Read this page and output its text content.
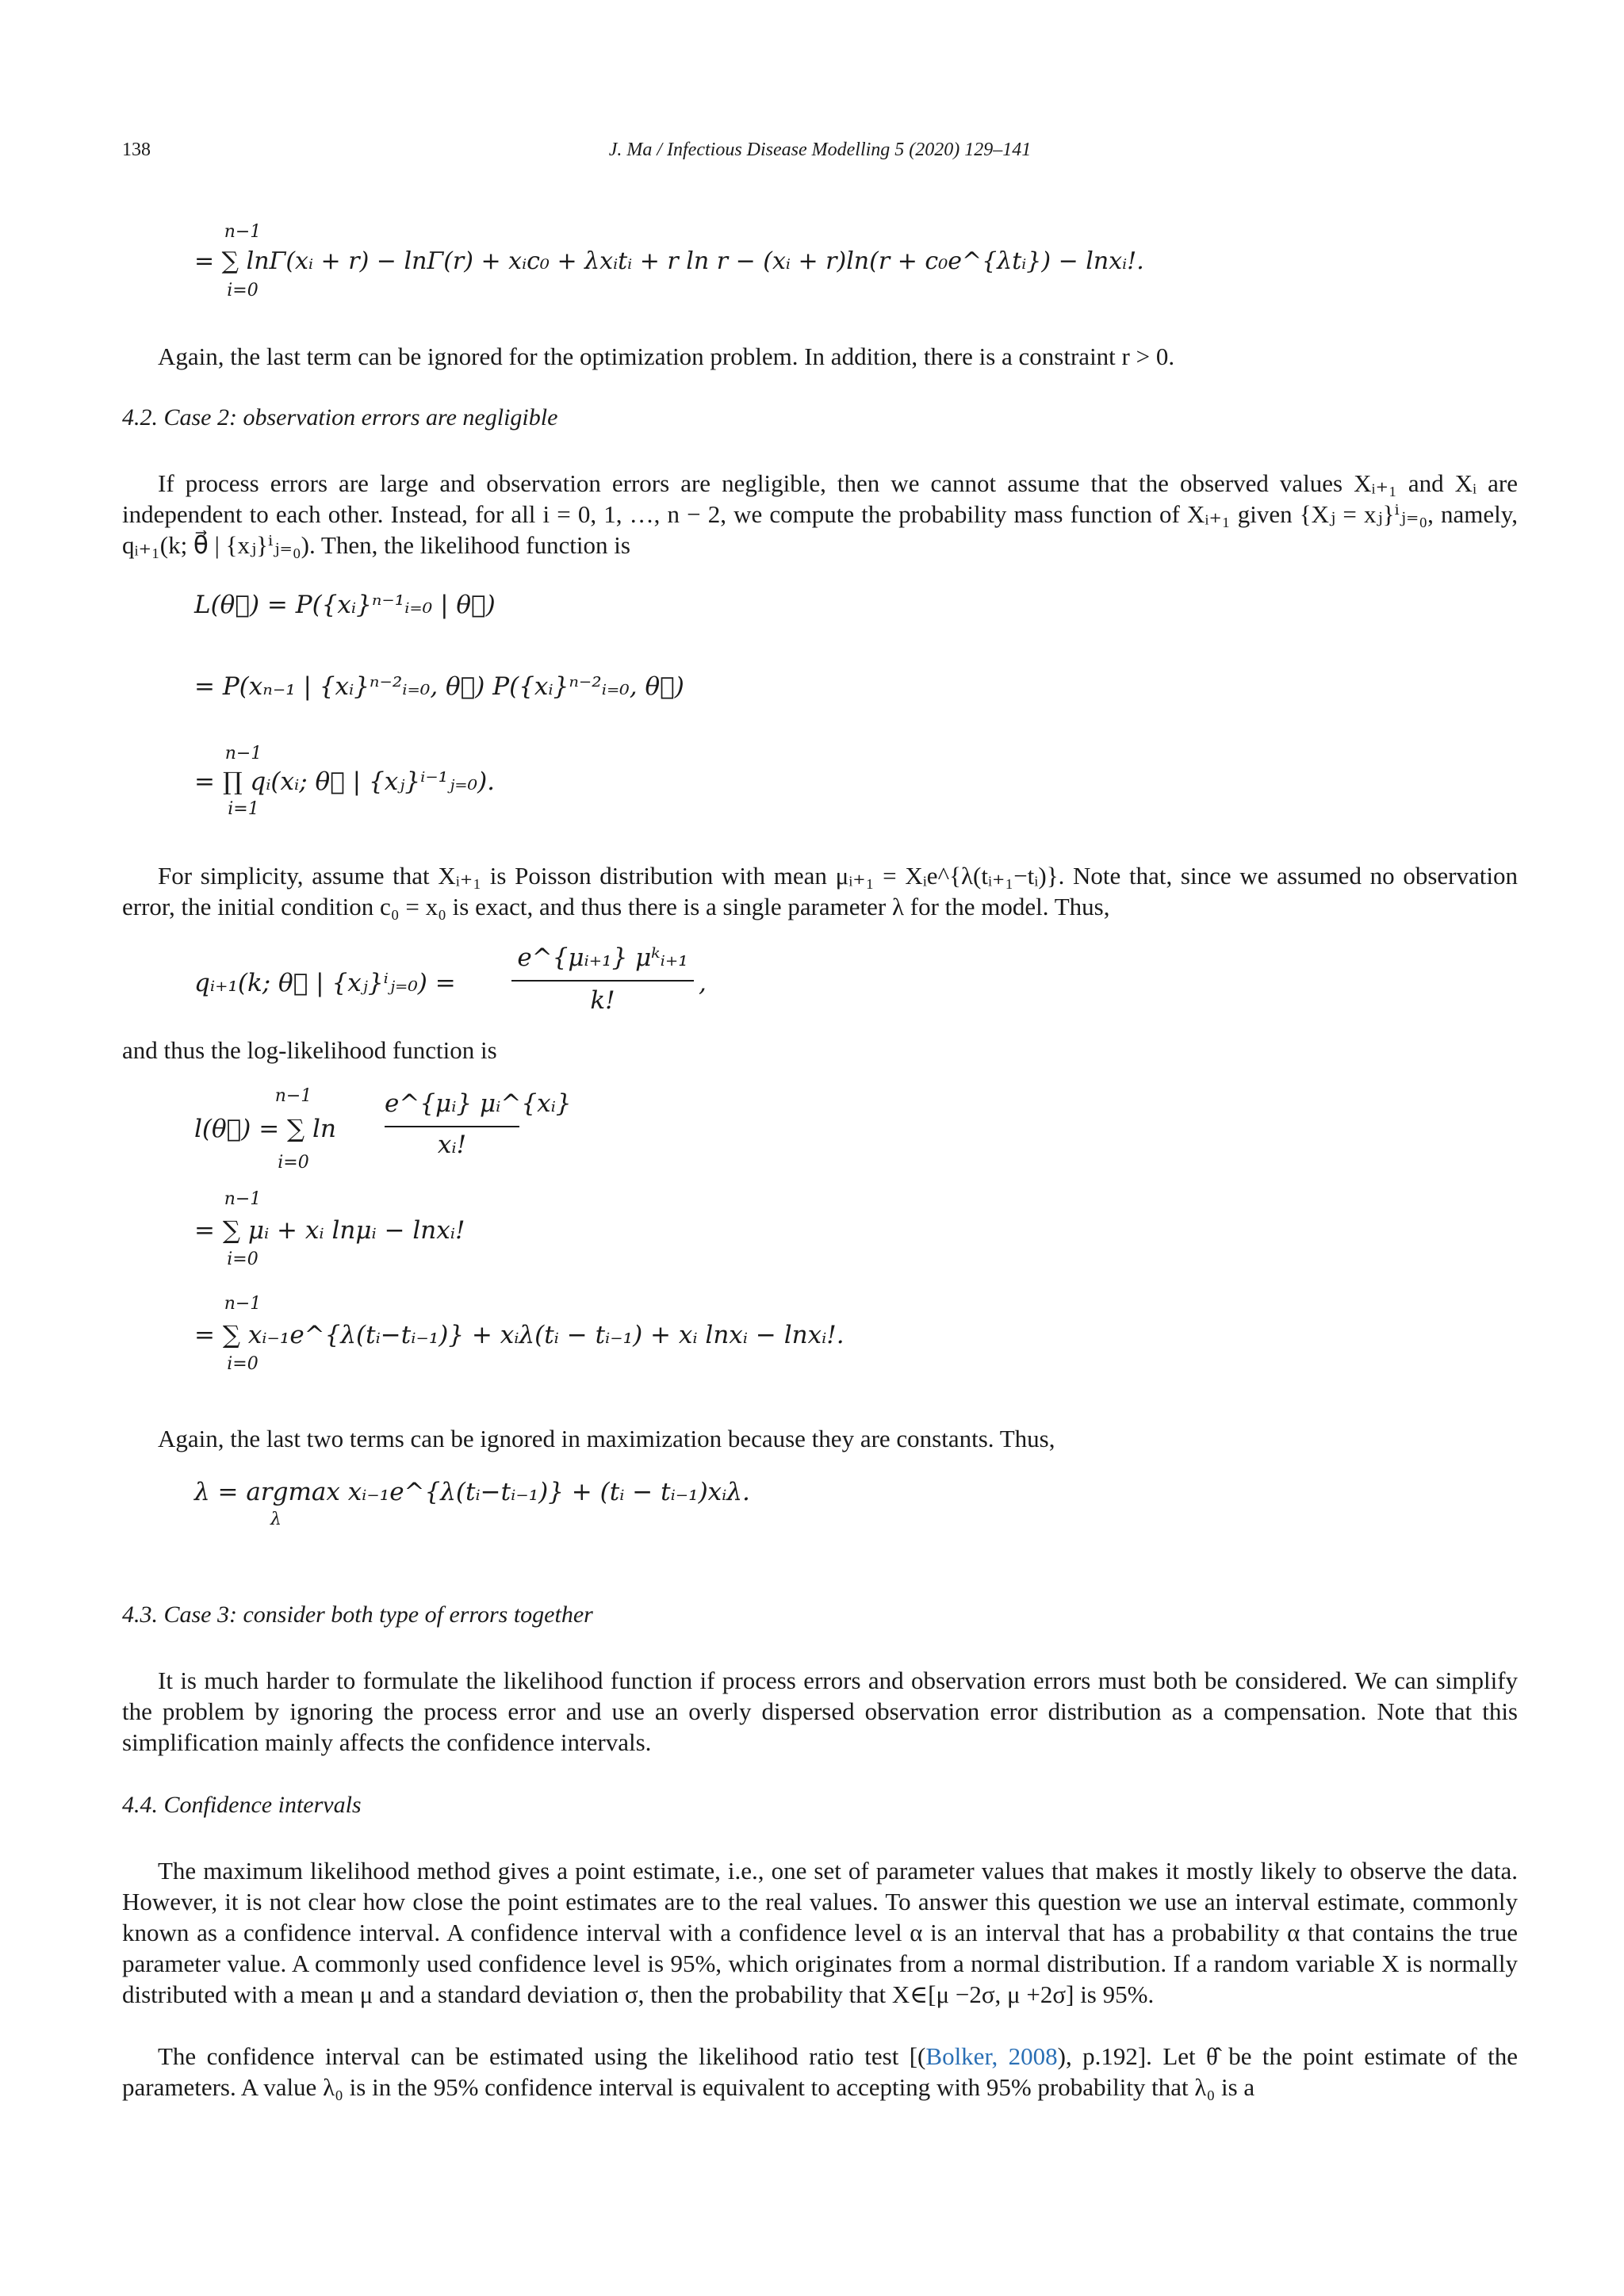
138	J. Ma / Infectious Disease Modelling 5 (2020) 129–141
n−1
= ∑ lnΓ(xᵢ + r) − lnΓ(r) + xᵢc₀ + λxᵢtᵢ + r ln r − (xᵢ + r)ln(r + c₀e^{λtᵢ}) − lnxᵢ!.
i=0
Again, the last term can be ignored for the optimization problem. In addition, there is a constraint r > 0.
4.2. Case 2: observation errors are negligible
If process errors are large and observation errors are negligible, then we cannot assume that the observed values Xᵢ₊₁ and Xᵢ are independent to each other. Instead, for all i = 0, 1, …, n − 2, we compute the probability mass function of Xᵢ₊₁ given {Xⱼ = xⱼ}ⁱⱼ₌₀, namely, qᵢ₊₁(k; θ⃗ | {xⱼ}ⁱⱼ₌₀). Then, the likelihood function is
L(θ⃗) = P({xᵢ}ⁿ⁻¹ᵢ₌₀ | θ⃗)
= P(xₙ₋₁ | {xᵢ}ⁿ⁻²ᵢ₌₀, θ⃗) P({xᵢ}ⁿ⁻²ᵢ₌₀, θ⃗)
n−1
= ∏ qᵢ(xᵢ; θ⃗ | {xⱼ}ⁱ⁻¹ⱼ₌₀).
i=1
For simplicity, assume that Xᵢ₊₁ is Poisson distribution with mean μᵢ₊₁ = Xᵢe^{λ(tᵢ₊₁−tᵢ)}. Note that, since we assumed no observation error, the initial condition c₀ = x₀ is exact, and thus there is a single parameter λ for the model. Thus,
qᵢ₊₁(k; θ⃗ | {xⱼ}ⁱⱼ₌₀) =
e^{μᵢ₊₁} μᵏᵢ₊₁
k!
,
and thus the log-likelihood function is
n−1
l(θ⃗) = ∑ ln
e^{μᵢ} μᵢ^{xᵢ}
xᵢ!
i=0
n−1
= ∑ μᵢ + xᵢ lnμᵢ − lnxᵢ!
i=0
n−1
= ∑ xᵢ₋₁e^{λ(tᵢ−tᵢ₋₁)} + xᵢλ(tᵢ − tᵢ₋₁) + xᵢ lnxᵢ − lnxᵢ!.
i=0
Again, the last two terms can be ignored in maximization because they are constants. Thus,
λ = argmax xᵢ₋₁e^{λ(tᵢ−tᵢ₋₁)} + (tᵢ − tᵢ₋₁)xᵢλ.
λ
4.3. Case 3: consider both type of errors together
It is much harder to formulate the likelihood function if process errors and observation errors must both be considered. We can simplify the problem by ignoring the process error and use an overly dispersed observation error distribution as a compensation. Note that this simplification mainly affects the confidence intervals.
4.4. Confidence intervals
The maximum likelihood method gives a point estimate, i.e., one set of parameter values that makes it mostly likely to observe the data. However, it is not clear how close the point estimates are to the real values. To answer this question we use an interval estimate, commonly known as a confidence interval. A confidence interval with a confidence level α is an interval that has a probability α that contains the true parameter value. A commonly used confidence level is 95%, which originates from a normal distribution. If a random variable X is normally distributed with a mean μ and a standard deviation σ, then the probability that X∈[μ −2σ, μ +2σ] is 95%.
The confidence interval can be estimated using the likelihood ratio test [(Bolker, 2008), p.192]. Let θ̂ be the point estimate of the parameters. A value λ₀ is in the 95% confidence interval is equivalent to accepting with 95% probability that λ₀ is a
